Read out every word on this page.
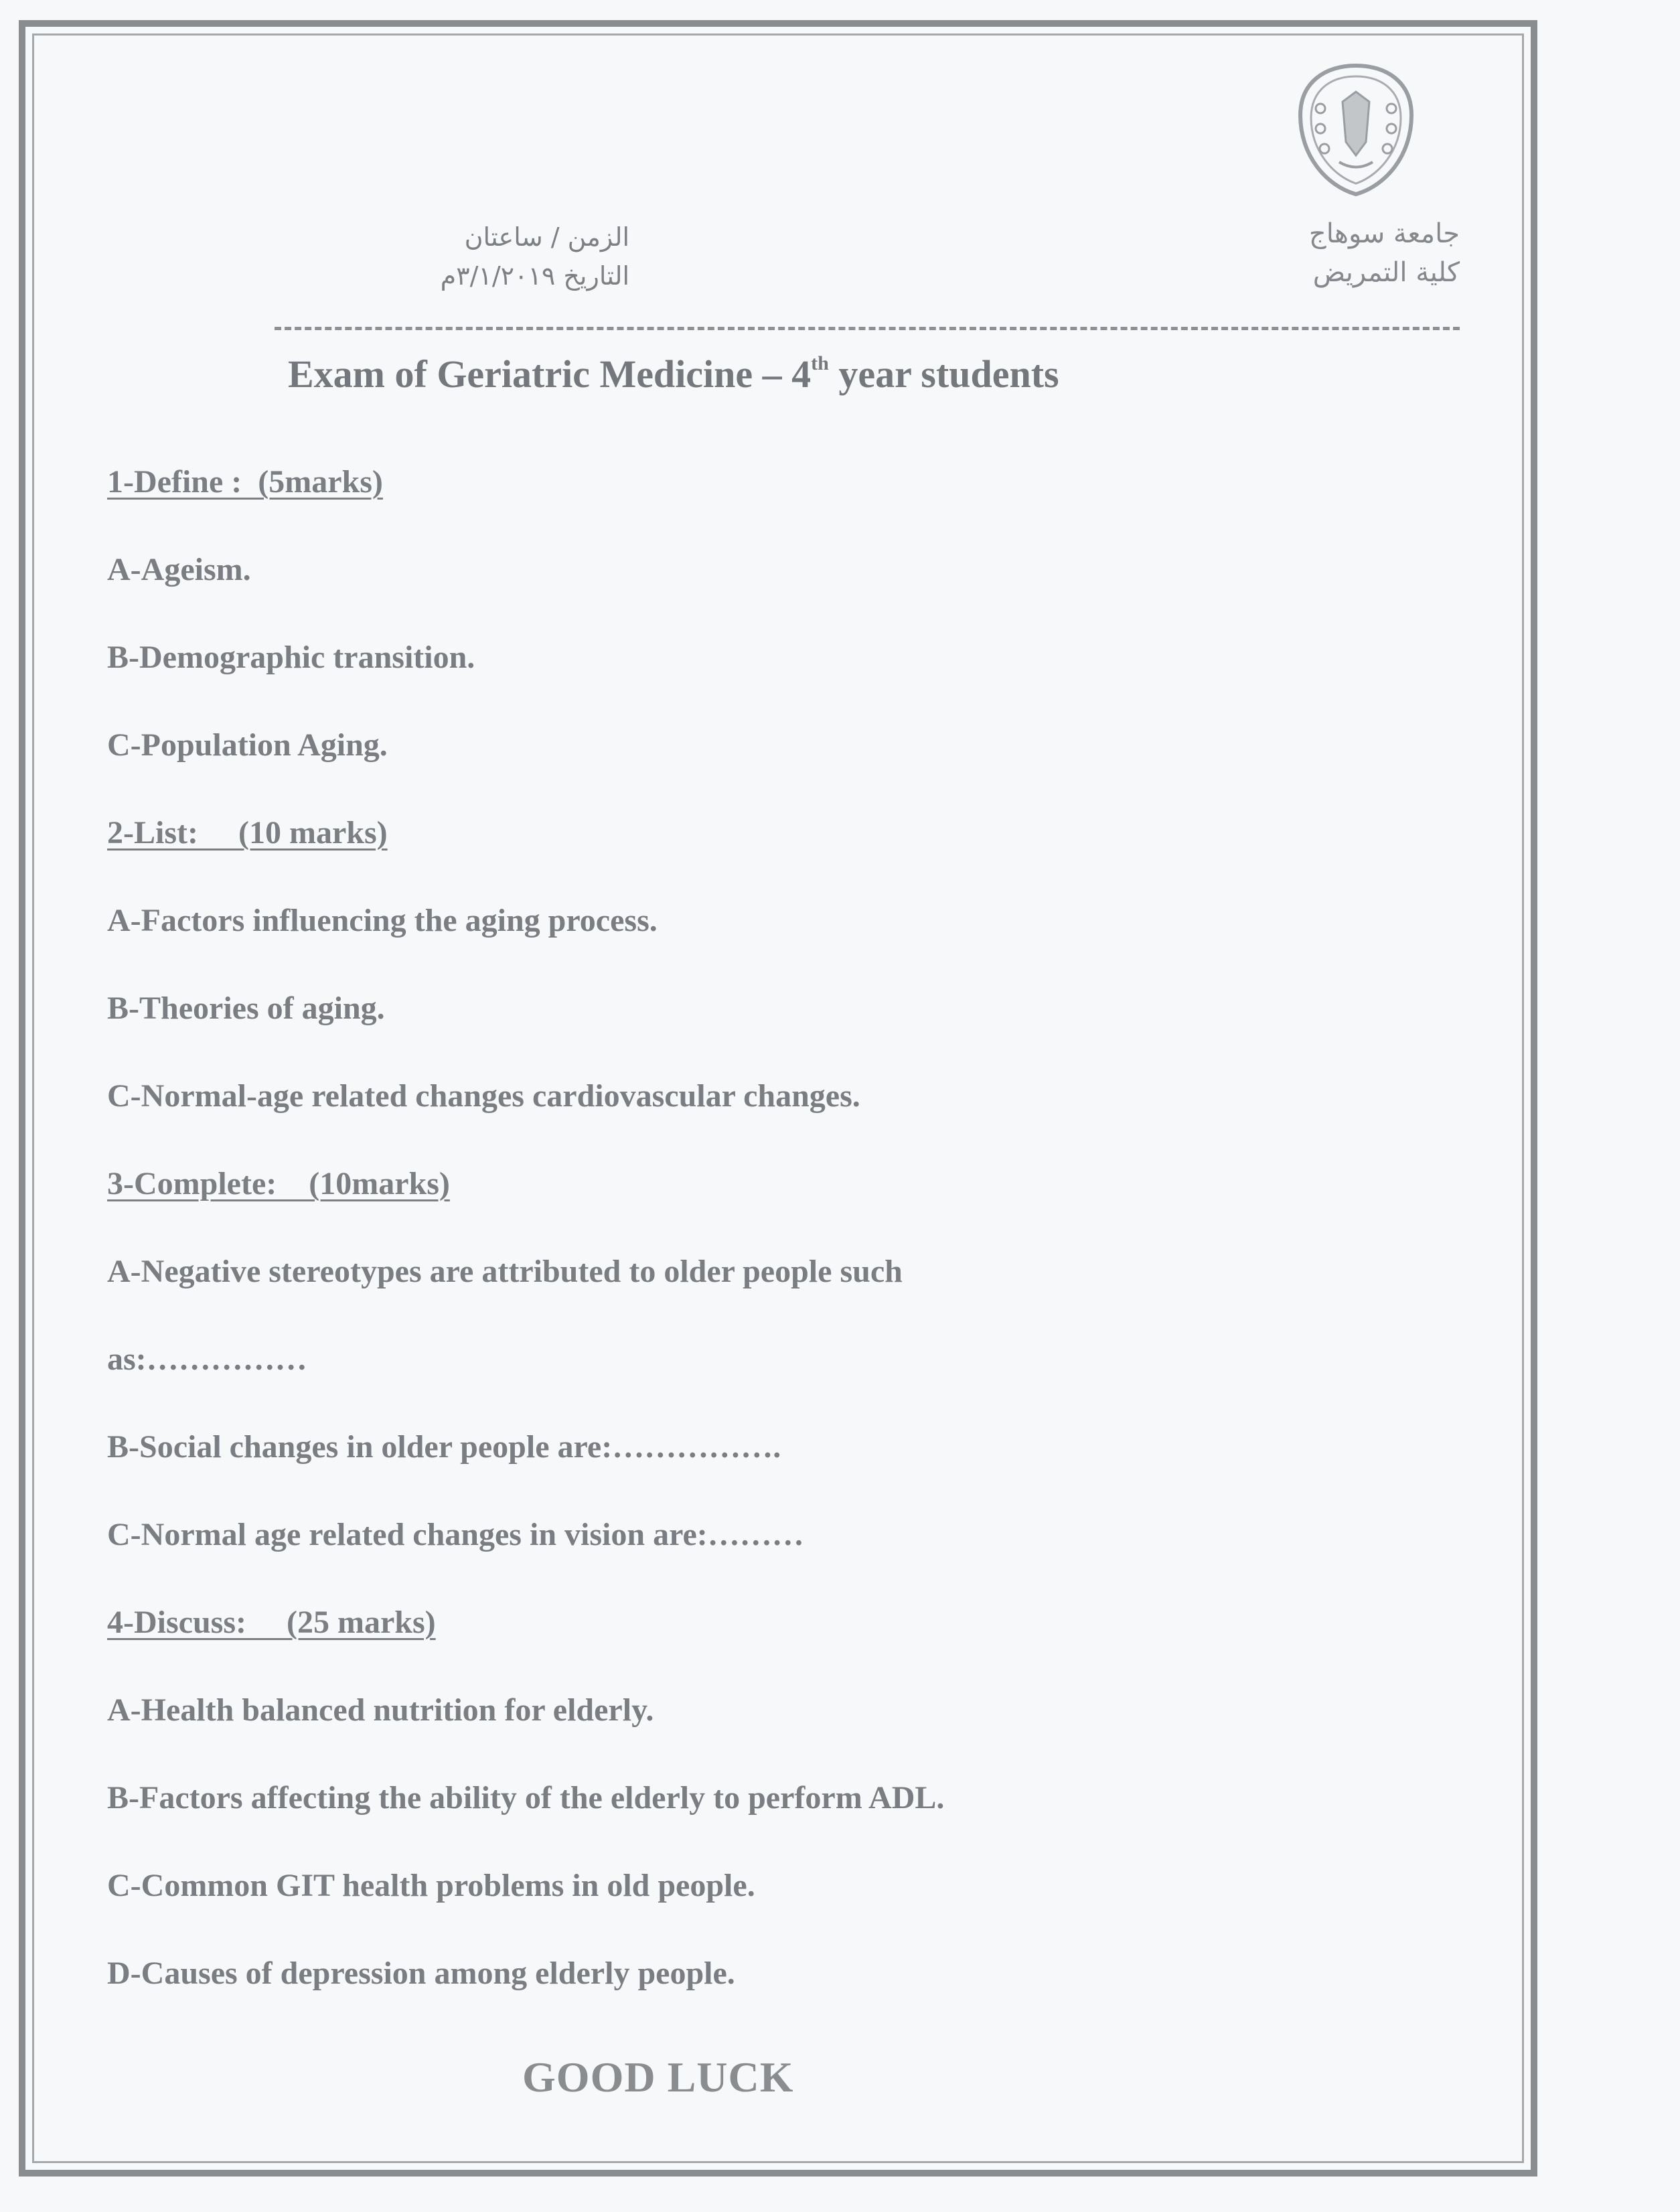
جامعة سوهاج
كلية التمريض
الزمن / ساعتان
التاريخ ٣/١/٢٠١٩م
Exam of Geriatric Medicine – 4th year students
1-Define :  (5marks)
A-Ageism.
B-Demographic transition.
C-Population Aging.
2-List:     (10 marks)
A-Factors influencing the aging process.
B-Theories of aging.
C-Normal-age related changes cardiovascular changes.
3-Complete:    (10marks)
A-Negative stereotypes are attributed to older people such
as:……………
B-Social changes in older people are:…………….
C-Normal age related changes in vision are:………
4-Discuss:     (25 marks)
A-Health balanced nutrition for elderly.
B-Factors affecting the ability of the elderly to perform ADL.
C-Common GIT health problems in old people.
D-Causes of depression among elderly people.
GOOD LUCK
